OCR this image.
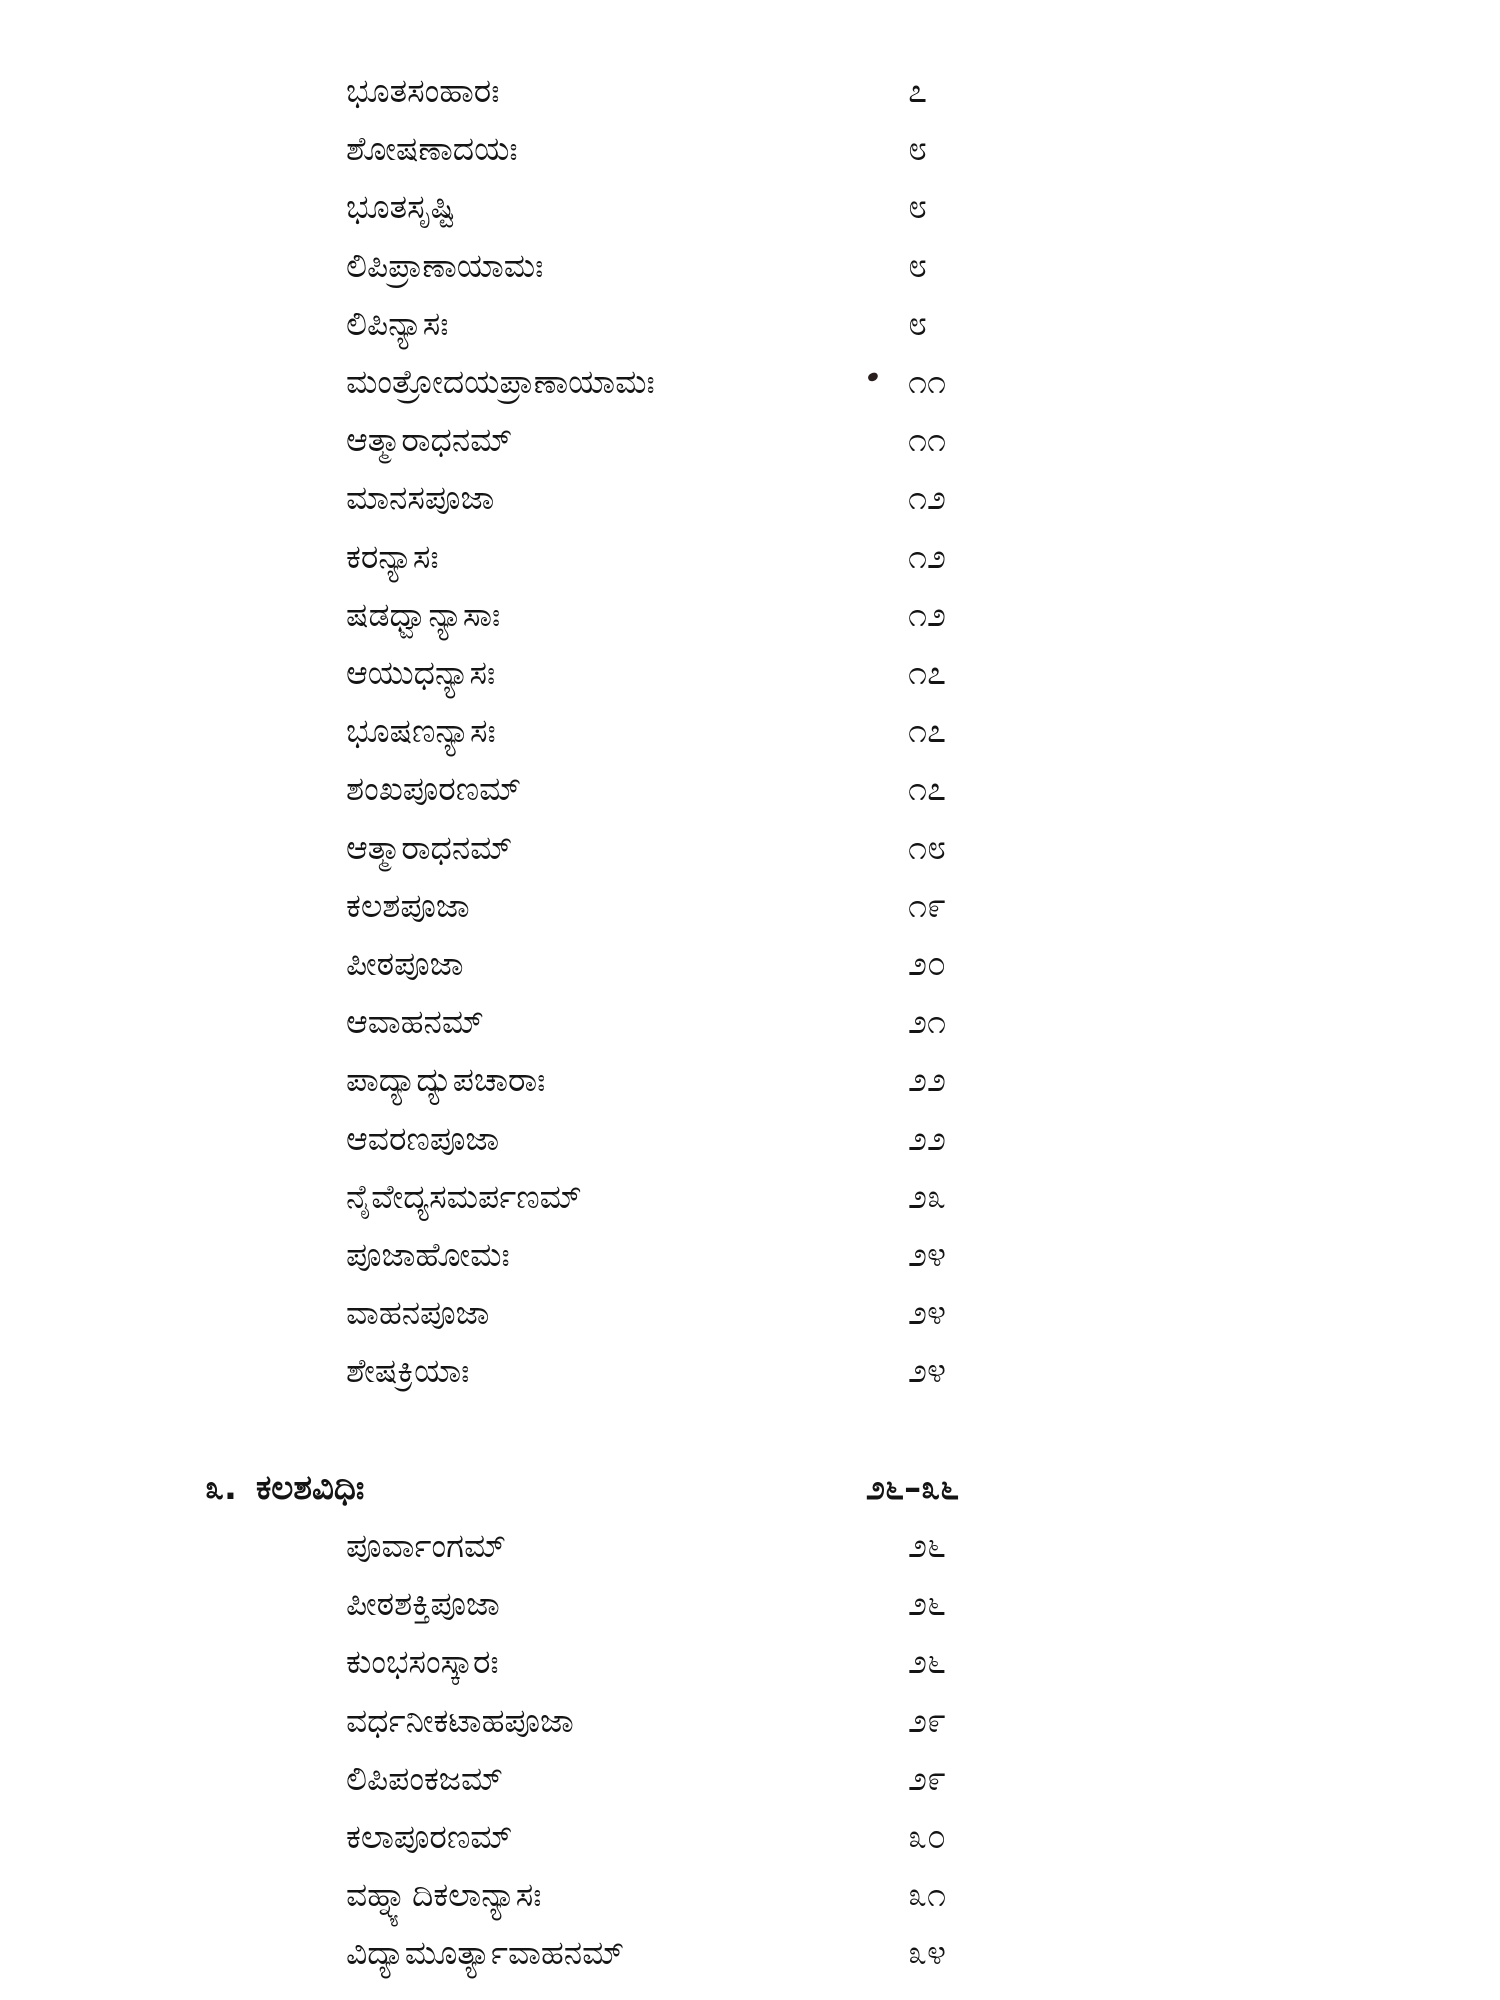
ಭೂತಸಂಹಾರಃ	೭
ಶೋಷಣಾದಯಃ	೮
ಭೂತಸೃಷ್ಟಿ	೮
ಲಿಪಿಪ್ರಾಣಾಯಾಮಃ	೮
ಲಿಪಿನ್ಯಾಸಃ	೮
ಮಂತ್ರೋದಯಪ್ರಾಣಾಯಾಮಃ	೧೧
ಆತ್ಮಾರಾಧನಮ್	೧೧
ಮಾನಸಪೂಜಾ	೧೨
ಕರನ್ಯಾಸಃ	೧೨
ಷಡಧ್ವಾನ್ಯಾಸಾಃ	೧೨
ಆಯುಧನ್ಯಾಸಃ	೧೭
ಭೂಷಣನ್ಯಾಸಃ	೧೭
ಶಂಖಪೂರಣಮ್	೧೭
ಆತ್ಮಾರಾಧನಮ್	೧೮
ಕಲಶಪೂಜಾ	೧೯
ಪೀಠಪೂಜಾ	೨೦
ಆವಾಹನಮ್	೨೧
ಪಾದ್ಯಾದ್ಯುಪಚಾರಾಃ	೨೨
ಆವರಣಪೂಜಾ	೨೨
ನೈವೇದ್ಯಸಮರ್ಪಣಮ್	೨೩
ಪೂಜಾಹೋಮಃ	೨೪
ವಾಹನಪೂಜಾ	೨೪
ಶೇಷಕ್ರಿಯಾಃ	೨೪
೩. ಕಲಶವಿಧಿಃ	೨೬–೩೬
ಪೂರ್ವಾಂಗಮ್	೨೬
ಪೀಠಶಕ್ತಿಪೂಜಾ	೨೬
ಕುಂಭಸಂಸ್ಕಾರಃ	೨೬
ವರ್ಧನೀಕಟಾಹಪೂಜಾ	೨೯
ಲಿಪಿಪಂಕಜಮ್	೨೯
ಕಲಾಪೂರಣಮ್	೩೦
ವಹ್ನ್ಯಾದಿಕಲಾನ್ಯಾಸಃ	೩೧
ವಿದ್ಯಾಮೂರ್ತ್ಯಾವಾಹನಮ್	೩೪
